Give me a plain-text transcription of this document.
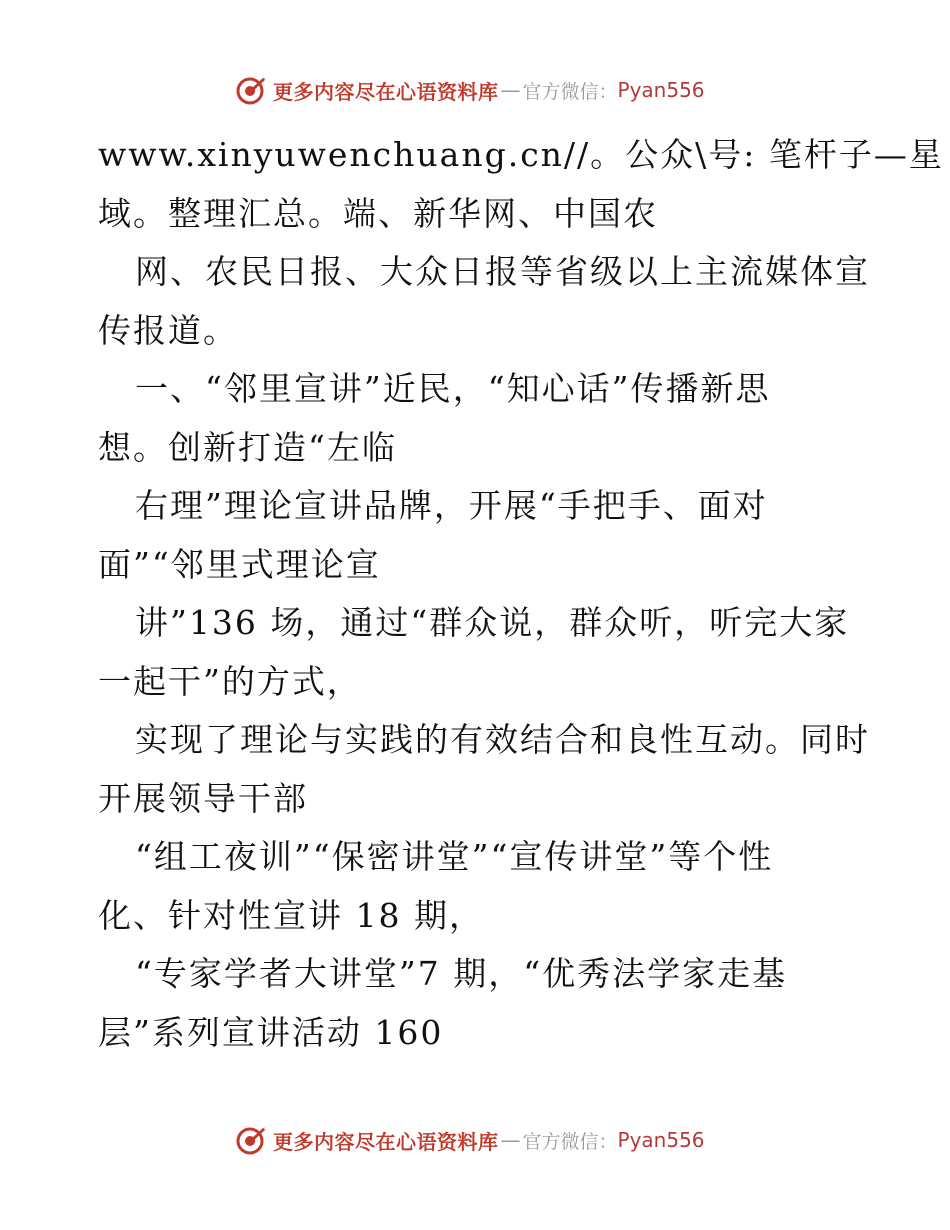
更多内容尽在心语资料库 — 官方微信： Pyan556
www.xinyuwenchuang.cn//。公众\号: 笔杆子—星
域。整理汇总。端、新华网、中国农
网、农民日报、大众日报等省级以上主流媒体宣
传报道。
一、“邻里宣讲”近民，“知心话”传播新思
想。创新打造“左临
右理”理论宣讲品牌，开展“手把手、面对
面”“邻里式理论宣
讲”136 场，通过“群众说，群众听，听完大家
一起干”的方式，
实现了理论与实践的有效结合和良性互动。同时
开展领导干部
“组工夜训”“保密讲堂”“宣传讲堂”等个性
化、针对性宣讲 18 期，
“专家学者大讲堂”7 期，“优秀法学家走基
层”系列宣讲活动 160
更多内容尽在心语资料库 — 官方微信： Pyan556
